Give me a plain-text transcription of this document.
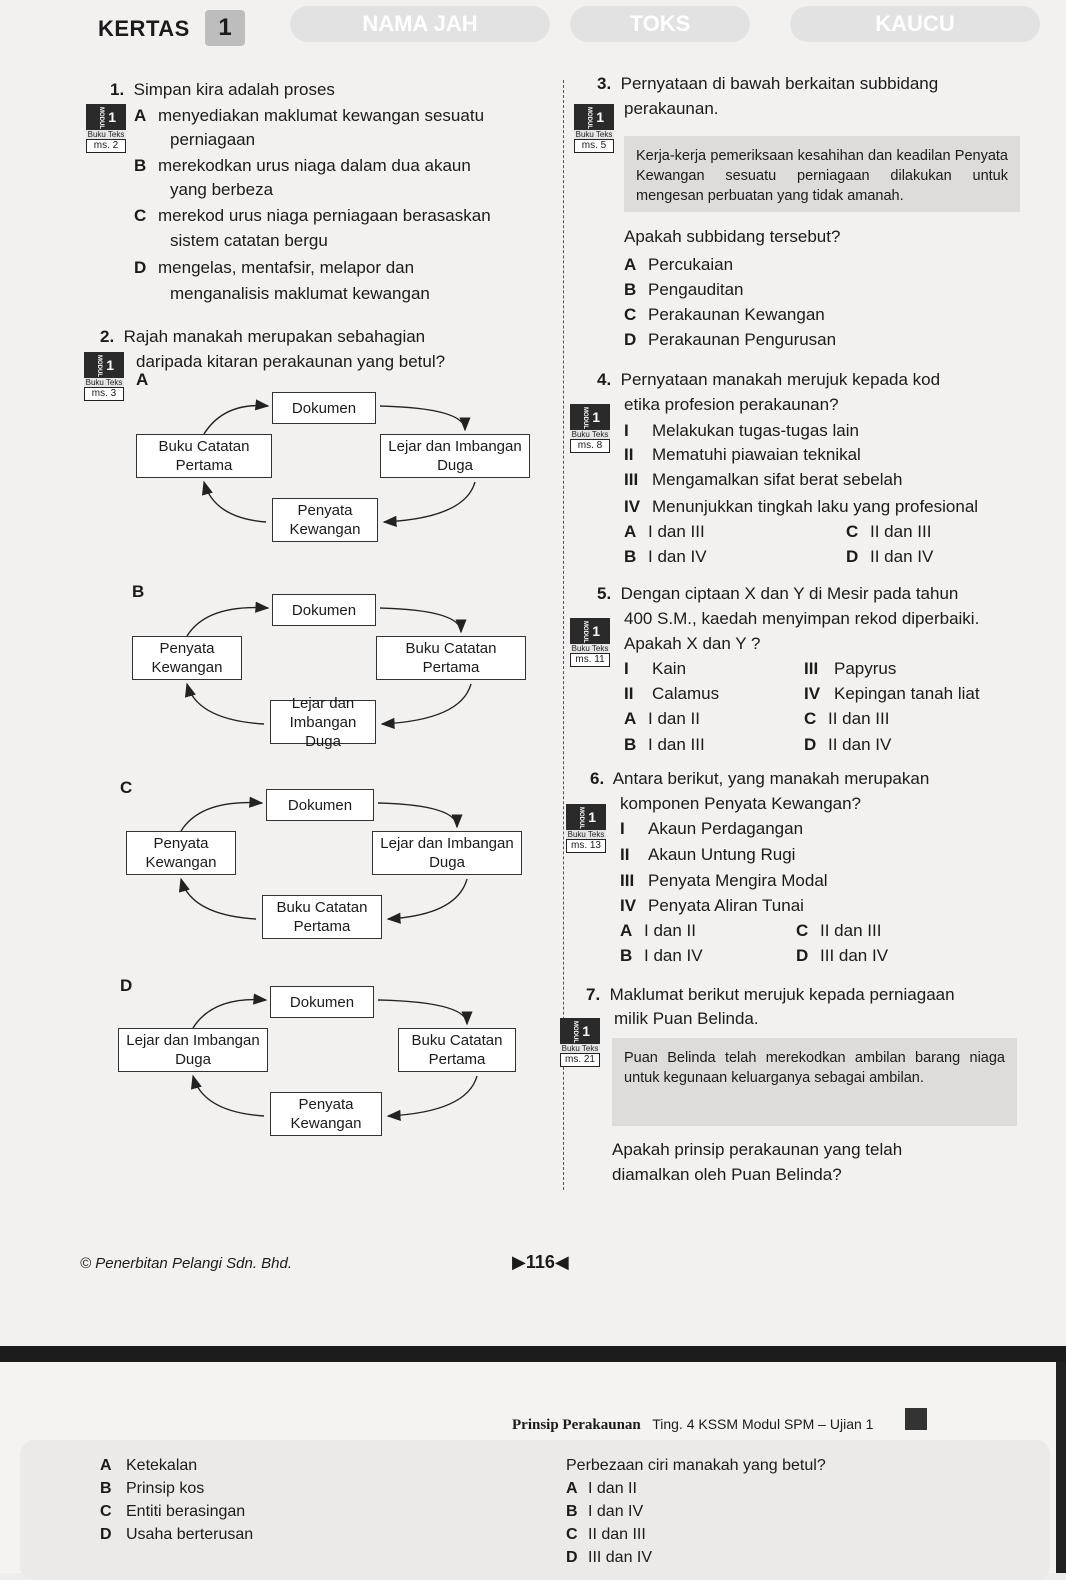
KERTAS	1	NAMA JAH	TOKS	KAUCU
1. Simpan kira adalah proses
MODUL 1
Buku Teks
ms. 2
A menyediakan maklumat kewangan sesuatu
perniagaan
B merekodkan urus niaga dalam dua akaun
yang berbeza
C merekod urus niaga perniagaan berasaskan
sistem catatan bergu
D mengelas, mentafsir, melapor dan
menganalisis maklumat kewangan
2. Rajah manakah merupakan sebahagian
daripada kitaran perakaunan yang betul?
MODUL 1
Buku Teks
ms. 3
A
Dokumen
Buku Catatan
Pertama
Lejar dan Imbangan
Duga
Penyata
Kewangan
B
Dokumen
Penyata
Kewangan
Buku Catatan
Pertama
Lejar dan Imbangan
Duga
C
Dokumen
Penyata
Kewangan
Lejar dan Imbangan
Duga
Buku Catatan
Pertama
D
Dokumen
Lejar dan Imbangan
Duga
Buku Catatan
Pertama
Penyata
Kewangan
3. Pernyataan di bawah berkaitan subbidang
perakaunan.
MODUL 1
Buku Teks
ms. 5
Kerja-kerja pemeriksaan kesahihan dan keadilan Penyata Kewangan sesuatu perniagaan dilakukan untuk mengesan perbuatan yang tidak amanah.
Apakah subbidang tersebut?
A Percukaian
B Pengauditan
C Perakaunan Kewangan
D Perakaunan Pengurusan
4. Pernyataan manakah merujuk kepada kod
etika profesion perakaunan?
MODUL 1
Buku Teks
ms. 8
I Melakukan tugas-tugas lain
II Mematuhi piawaian teknikal
III Mengamalkan sifat berat sebelah
IV Menunjukkan tingkah laku yang profesional
A I dan III	C II dan III
B I dan IV	D II dan IV
5. Dengan ciptaan X dan Y di Mesir pada tahun
400 S.M., kaedah menyimpan rekod diperbaiki.
Apakah X dan Y ?
MODUL 1
Buku Teks
ms. 11	I Kain	III Papyrus
II Calamus	IV Kepingan tanah liat
A I dan II	C II dan III
B I dan III	D II dan IV
6. Antara berikut, yang manakah merupakan
komponen Penyata Kewangan?
MODUL 1
Buku Teks
ms. 13
I Akaun Perdagangan
II Akaun Untung Rugi
III Penyata Mengira Modal
IV Penyata Aliran Tunai
A I dan II	C II dan III
B I dan IV	D III dan IV
7. Maklumat berikut merujuk kepada perniagaan
milik Puan Belinda.
MODUL 1
Buku Teks
ms. 21	Puan Belinda telah merekodkan ambilan barang niaga untuk kegunaan keluarganya sebagai ambilan.
Apakah prinsip perakaunan yang telah
diamalkan oleh Puan Belinda?
© Penerbitan Pelangi Sdn. Bhd.	▶116◀
Prinsip Perakaunan Ting. 4 KSSM Modul SPM – Ujian 1
A Ketekalan
B Prinsip kos
C Entiti berasingan
D Usaha berterusan
Perbezaan ciri manakah yang betul?
A I dan II
B I dan IV
C II dan III
D III dan IV
